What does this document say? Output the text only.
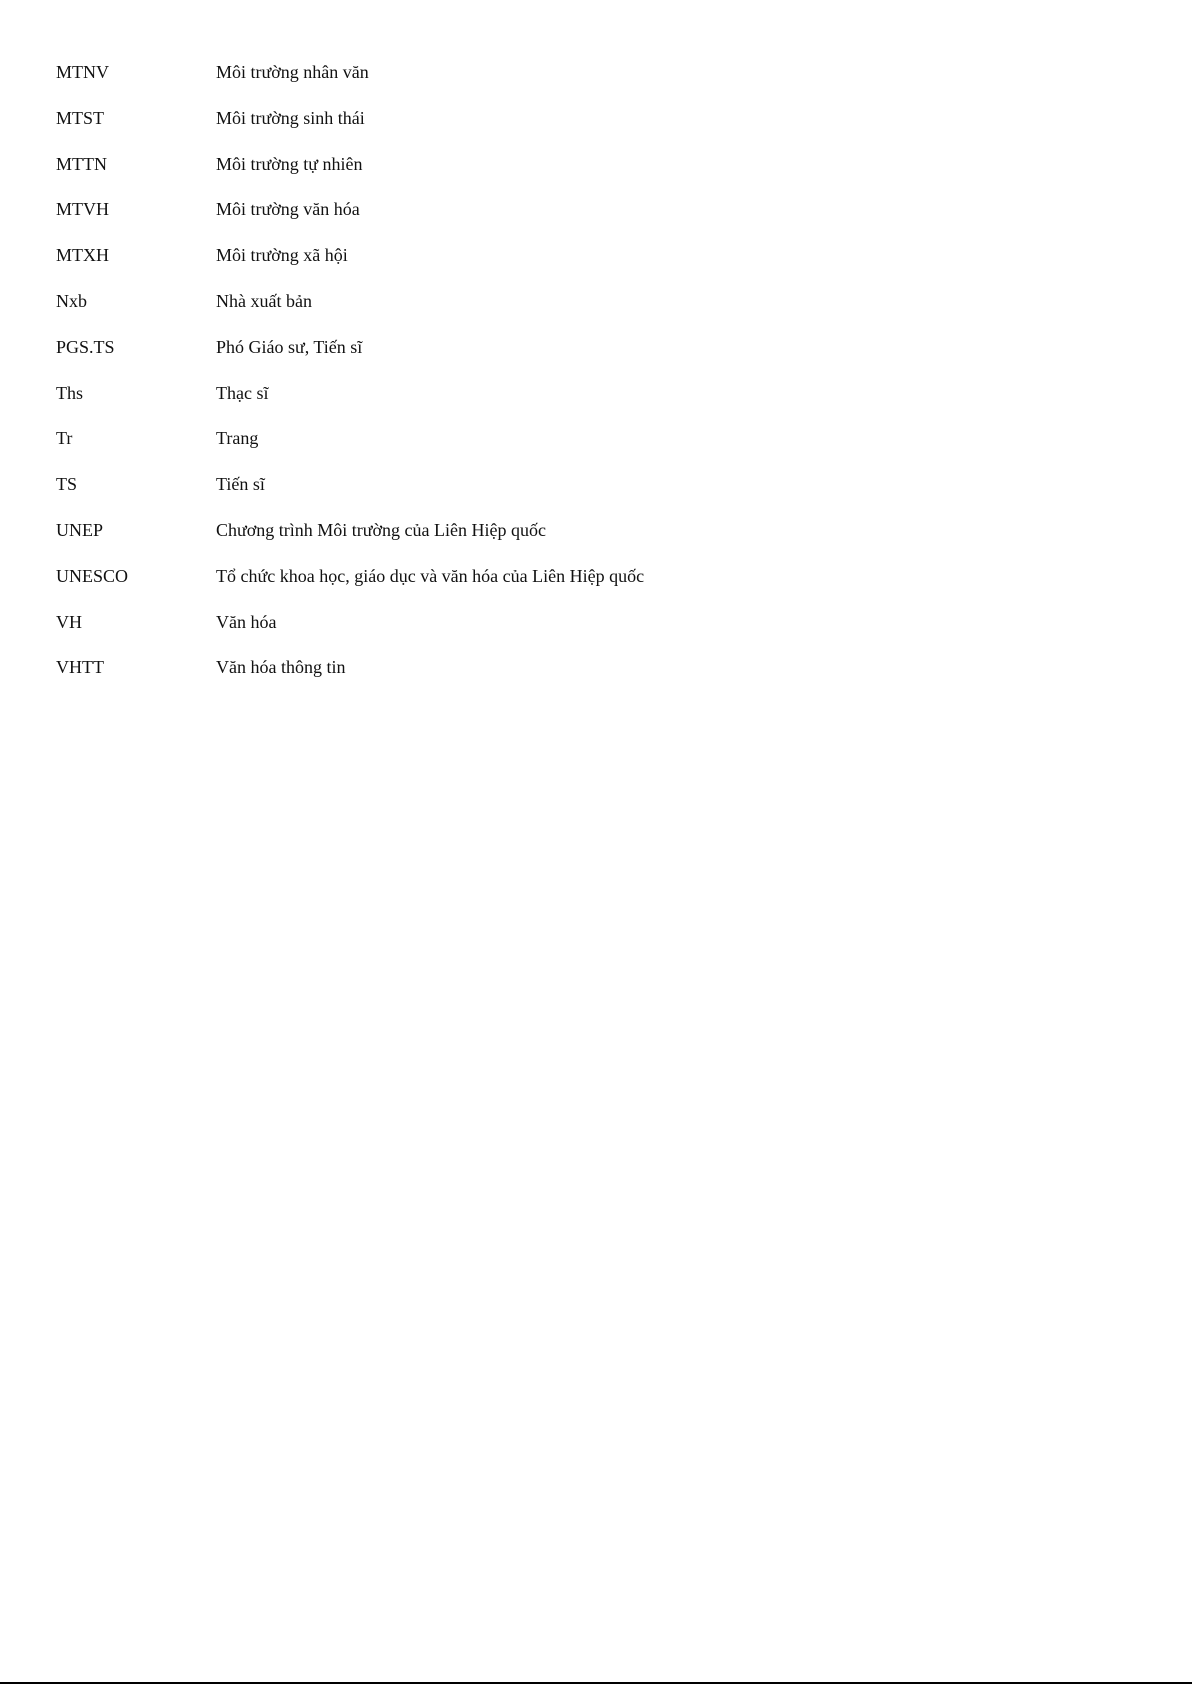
MTNV	Môi trường nhân văn
MTST	Môi trường sinh thái
MTTN	Môi trường tự nhiên
MTVH	Môi trường văn hóa
MTXH	Môi trường xã hội
Nxb	Nhà xuất bản
PGS.TS	Phó Giáo sư, Tiến sĩ
Ths	Thạc sĩ
Tr	Trang
TS	Tiến sĩ
UNEP	Chương trình Môi trường của Liên Hiệp quốc
UNESCO	Tổ chức khoa học, giáo dục và văn hóa của Liên Hiệp quốc
VH	Văn hóa
VHTT	Văn hóa thông tin
